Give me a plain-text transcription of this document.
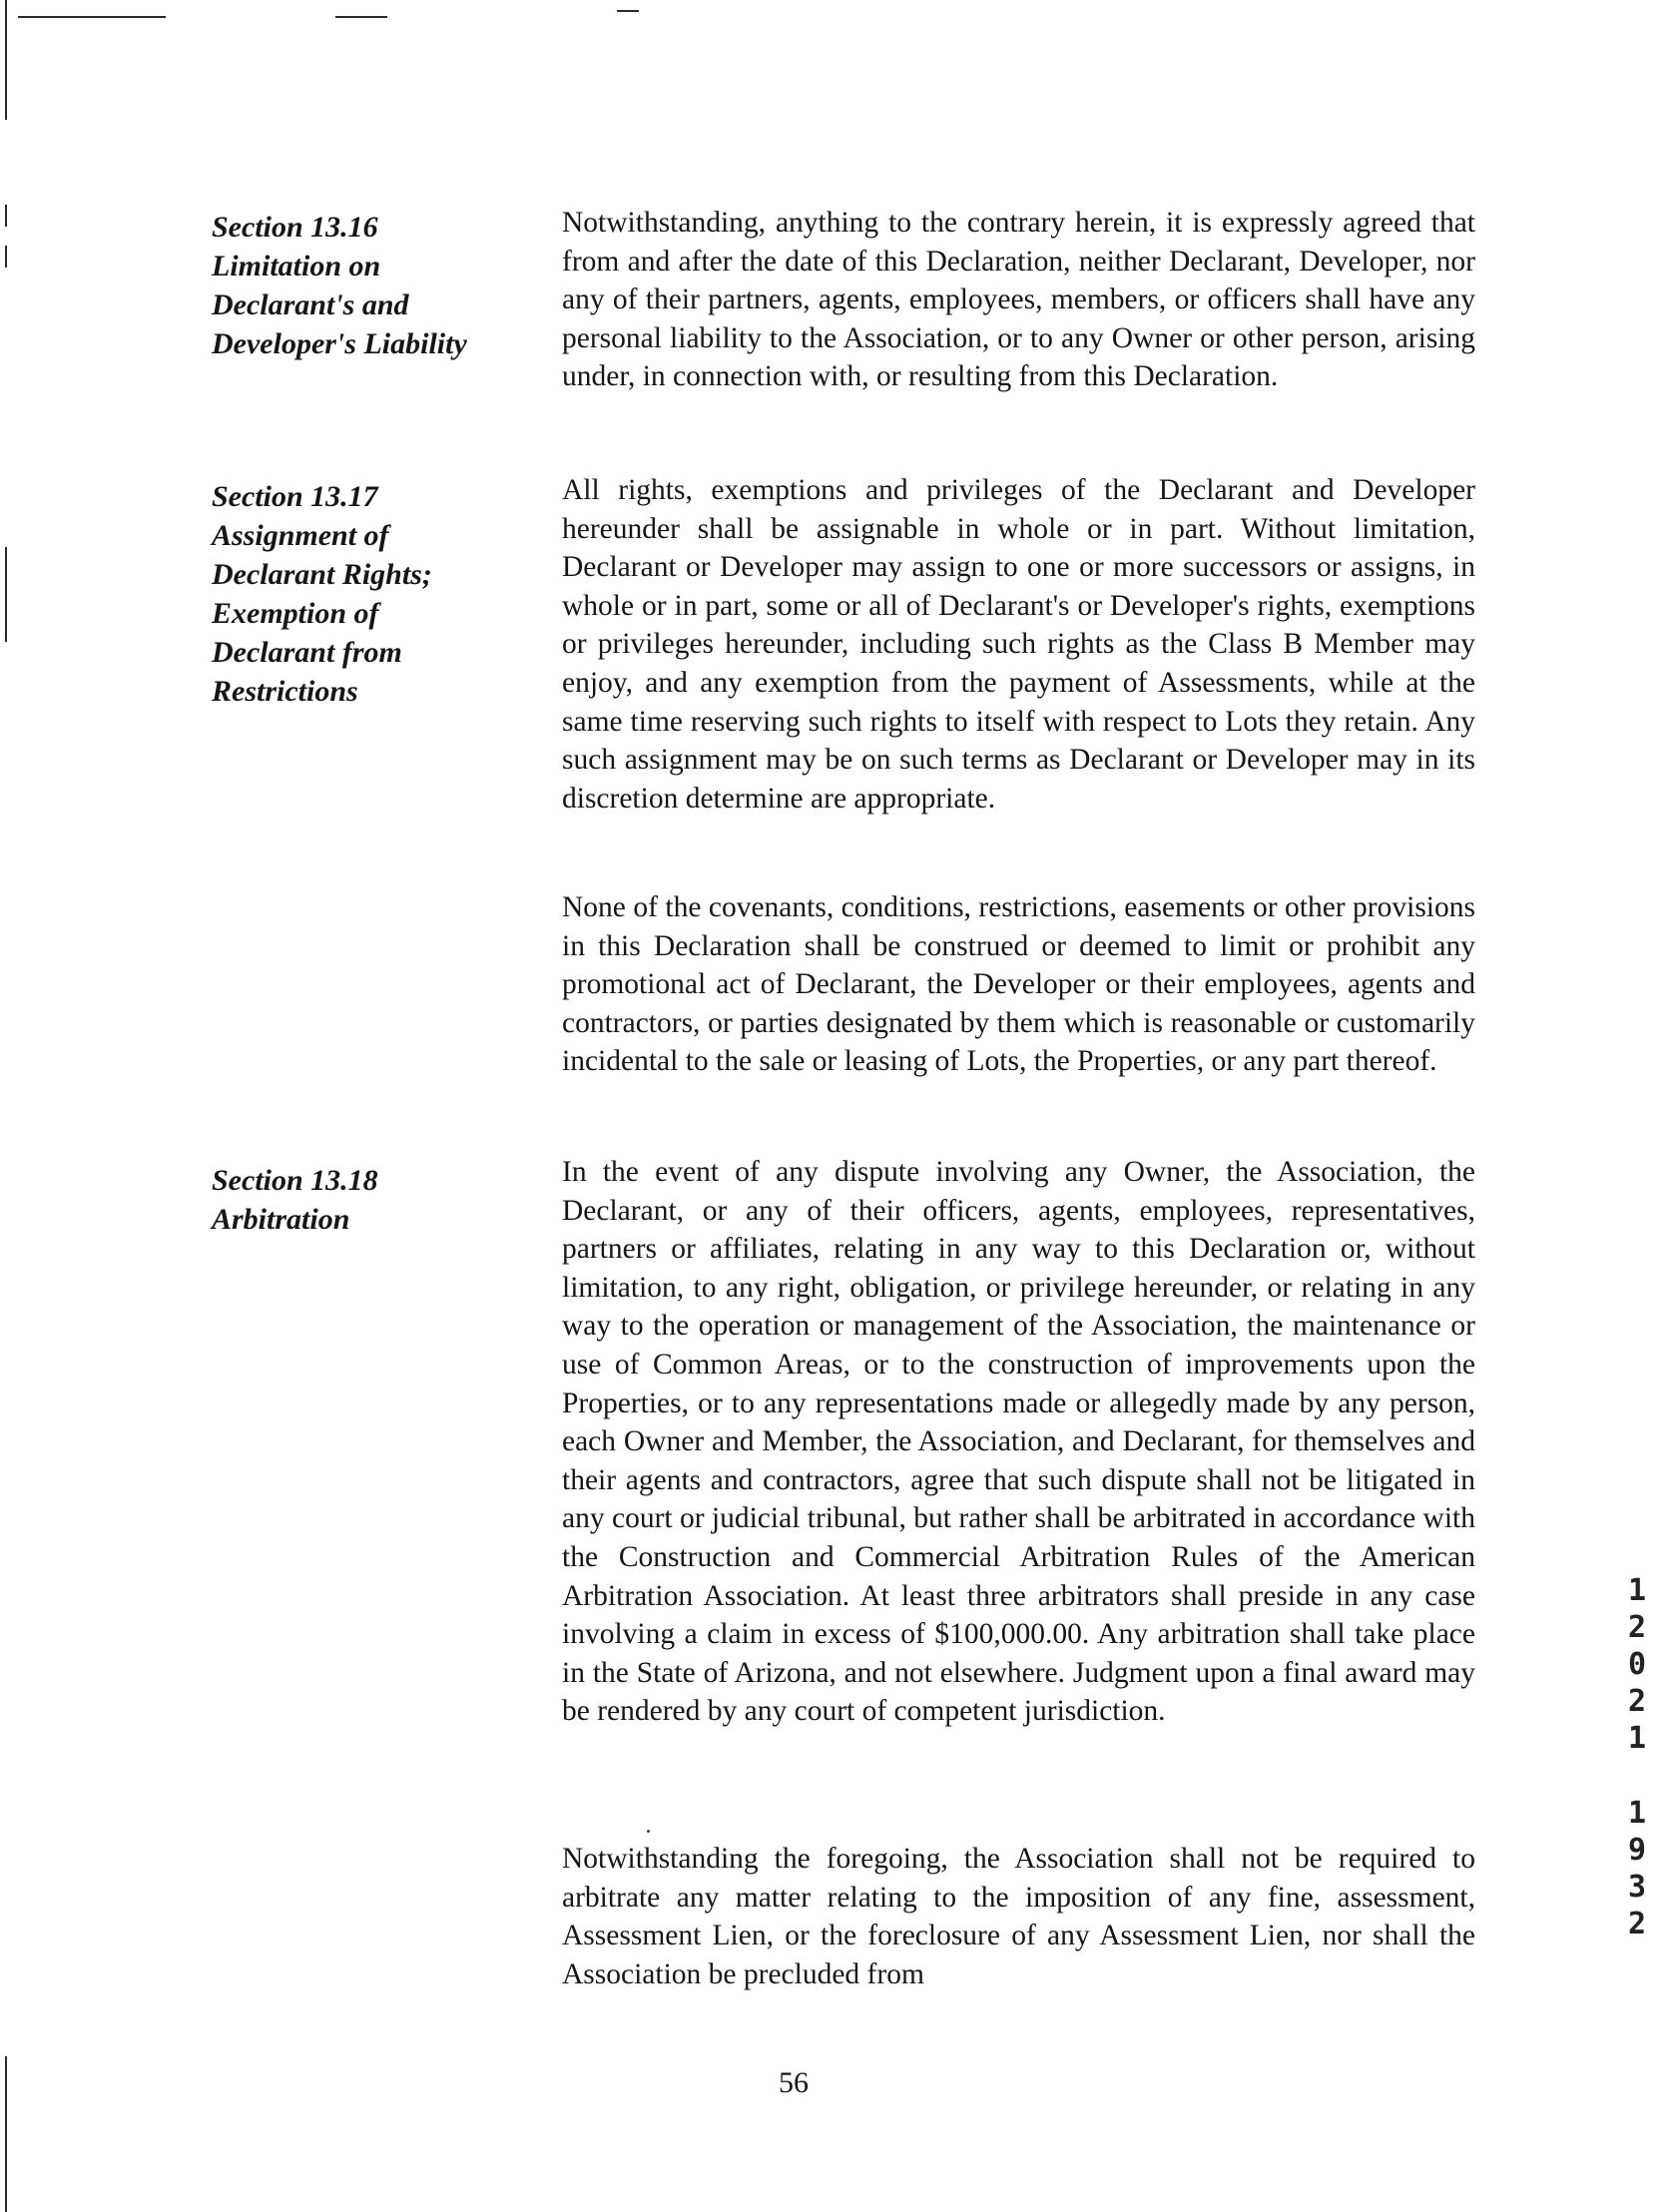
Section 13.16
Limitation on
Declarant's and
Developer's Liability

Notwithstanding, anything to the contrary herein, it is expressly agreed that from and after the date of this Declaration, neither Declarant, Developer, nor any of their partners, agents, employees, members, or officers shall have any personal liability to the Association, or to any Owner or other person, arising under, in connection with, or resulting from this Declaration.

Section 13.17
Assignment of
Declarant Rights;
Exemption of
Declarant from
Restrictions

All rights, exemptions and privileges of the Declarant and Developer hereunder shall be assignable in whole or in part. Without limitation, Declarant or Developer may assign to one or more successors or assigns, in whole or in part, some or all of Declarant's or Developer's rights, exemptions or privileges hereunder, including such rights as the Class B Member may enjoy, and any exemption from the payment of Assessments, while at the same time reserving such rights to itself with respect to Lots they retain. Any such assignment may be on such terms as Declarant or Developer may in its discretion determine are appropriate.

None of the covenants, conditions, restrictions, easements or other provisions in this Declaration shall be construed or deemed to limit or prohibit any promotional act of Declarant, the Developer or their employees, agents and contractors, or parties designated by them which is reasonable or customarily incidental to the sale or leasing of Lots, the Properties, or any part thereof.

Section 13.18
Arbitration

In the event of any dispute involving any Owner, the Association, the Declarant, or any of their officers, agents, employees, representatives, partners or affiliates, relating in any way to this Declaration or, without limitation, to any right, obligation, or privilege hereunder, or relating in any way to the operation or management of the Association, the maintenance or use of Common Areas, or to the construction of improvements upon the Properties, or to any representations made or allegedly made by any person, each Owner and Member, the Association, and Declarant, for themselves and their agents and contractors, agree that such dispute shall not be litigated in any court or judicial tribunal, but rather shall be arbitrated in accordance with the Construction and Commercial Arbitration Rules of the American Arbitration Association. At least three arbitrators shall preside in any case involving a claim in excess of $100,000.00. Any arbitration shall take place in the State of Arizona, and not elsewhere. Judgment upon a final award may be rendered by any court of competent jurisdiction.

Notwithstanding the foregoing, the Association shall not be required to arbitrate any matter relating to the imposition of any fine, assessment, Assessment Lien, or the foreclosure of any Assessment Lien, nor shall the Association be precluded from

56
1
2
0
2
1
1
9
3
2
